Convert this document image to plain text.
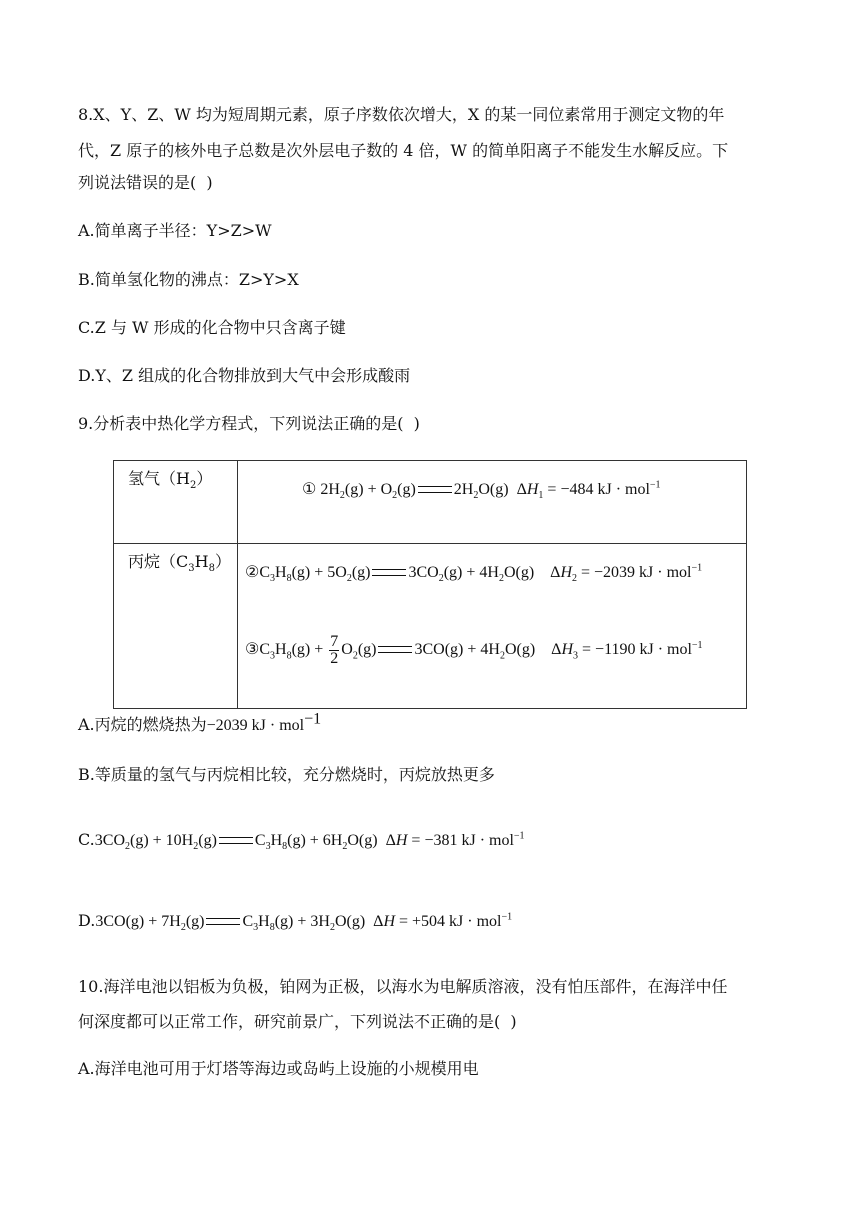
8.X、Y、Z、W 均为短周期元素，原子序数依次增大，X 的某一同位素常用于测定文物的年
代，Z 原子的核外电子总数是次外层电子数的 4 倍，W 的简单阳离子不能发生水解反应。下
列说法错误的是(  )
A.简单离子半径：Y>Z>W
B.简单氢化物的沸点：Z>Y>X
C.Z 与 W 形成的化合物中只含离子键
D.Y、Z 组成的化合物排放到大气中会形成酸雨
9.分析表中热化学方程式，下列说法正确的是(  )
氢气$(H_2)$	① $2H_2(g) + O_2(g)$ $2H_2O(g) \Delta H_1 = -484$ kJ · mol$^{-1}$

丙烷$(C_3H_8)$	$②C_3H_8(g) + 5O_2(g) 3CO_2(g) + 4H_2O(g)$    $\Delta H_2 = -2039$ kJ · mol$^{-1}$
$③C_3H_8(g) + \frac{7}{2} O_2(g) 3CO(g) + 4H_2O(g)$    $\Delta H_3 = -1190$ kJ · mol$^{-1}$
A.丙烷的燃烧热为−2039 kJ · mol$^{-1}$
B.等质量的氢气与丙烷相比较，充分燃烧时，丙烷放热更多
$C.3CO_2(g) + 10H_2(g) C_3H_8(g) + 6H_2O(g) \Delta H = -381$ kJ · mol$^{-1}$
$D.3CO(g) + 7H_2(g) C_3H_8(g) + 3H_2O(g) \Delta H = +504$ kJ · mol$^{-1}$
10.海洋电池以铝板为负极，铂网为正极，以海水为电解质溶液，没有怕压部件，在海洋中任
何深度都可以正常工作，研究前景广，下列说法不正确的是(  )
A.海洋电池可用于灯塔等海边或岛屿上设施的小规模用电
